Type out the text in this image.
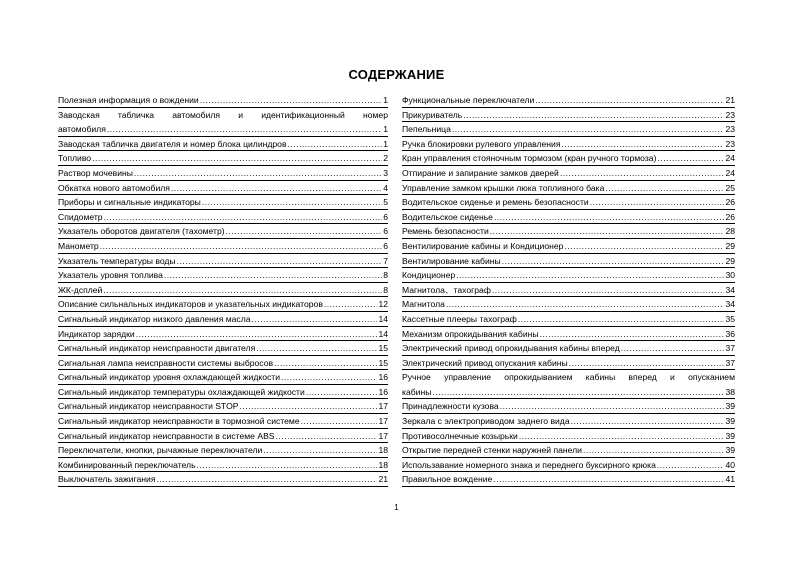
СОДЕРЖАНИЕ
Полезная информация о вождении .....	1
Заводская табличка автомобиля и идентификационный номер
автомобиля .....	1
Заводская табличка двигателя и номер блока цилиндров .....	1
Топливо .....	2
Раствор мочевины .....	3
Обкатка нового автомобиля .....	4
Приборы и сигнальные индикаторы .....	5
Спидометр .....	6
Указатель оборотов двигателя (тахометр) .....	6
Манометр .....	6
Указатель температуры воды .....	7
Указатель уровня топлива .....	8
ЖК-дсплей .....	8
Описание сильнальных индикаторов и указательных индикаторов .....	12
Сигнальный индикатор низкого давления масла .....	14
Индикатор зарядки .....	14
Сигнальный индикатор неисправности двигателя .....	15
Сигнальная лампа неисправности системы выбросов .....	15
Сигнальный индикатор уровня охлаждающей жидкости .....	16
Сигнальный индикатор температуры охлаждающей жидкости .....	16
Сигнальный индикатор неисправности STOP .....	17
Сигнальный индикатор неисправности в тормозной системе .....	17
Сигнальный индикатор неисправности в системе ABS .....	17
Переключатели, кнопки, рычажные переключатели .....	18
Комбинированный переключатель .....	18
Выключатель зажигания .....	21
Функциональные переключатели .....	21
Прикуриватель .....	23
Пепельница .....	23
Ручка блокировки рулевого управления .....	23
Кран управления стояночным тормозом (кран ручного тормоза) .....	24
Отпирание и запирание замков дверей .....	24
Управление замком крышки люка топливного бака .....	25
Водительское сиденье и ремень безопасности .....	26
Водительское сиденье .....	26
Ремень безопасности .....	28
Вентилирование кабины и Кондиционер .....	29
Вентилирование кабины .....	29
Кондиционер .....	30
Магнитола、тахограф .....	34
Магнитола .....	34
Кассетные плееры тахограф .....	35
Механизм опрокидывания кабины .....	36
Электрический привод опрокидывания кабины вперед .....	37
Электрический привод опускания кабины .....	37
Ручное управление опрокидыванием кабины вперед и опусканием
кабины .....	38
Принадлежности кузова .....	39
Зеркала с электроприводом заднего вида .....	39
Противосолнечные козырьки .....	39
Открытие передней стенки наружней панели .....	39
Использавание номерного знака и переднего буксирного крюка .....	40
Правильное вождение .....	41
1
